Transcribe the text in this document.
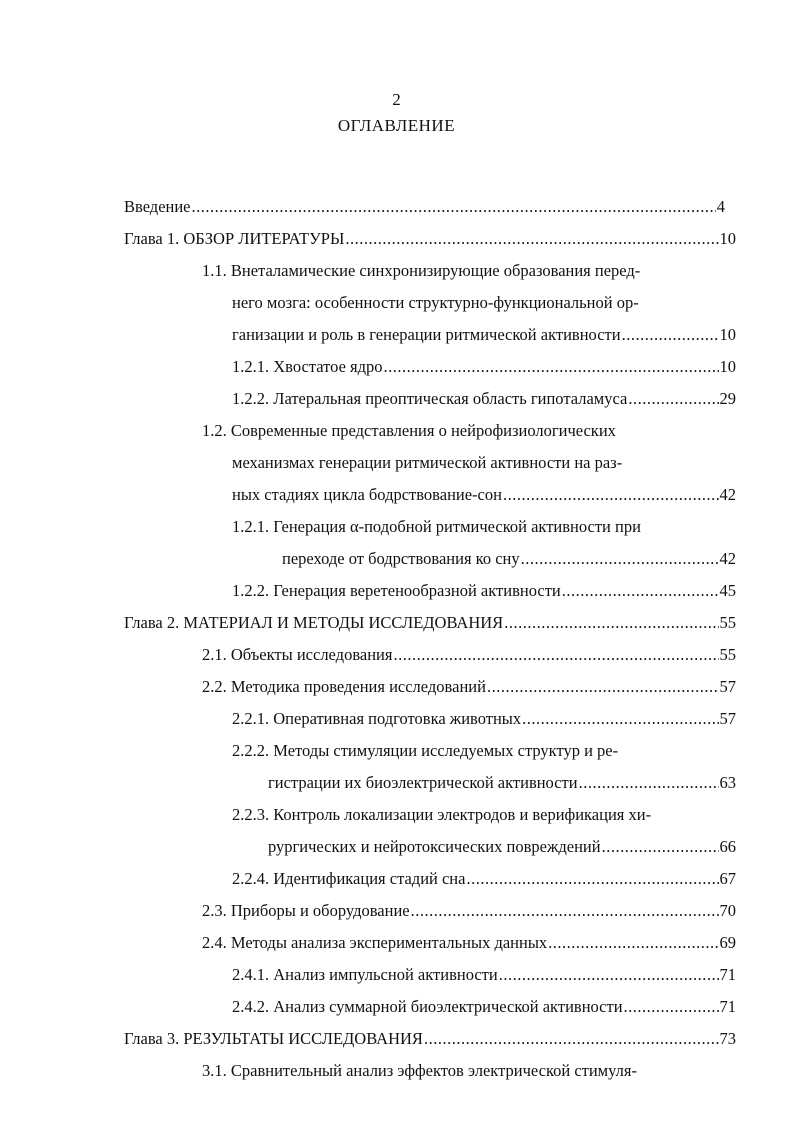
2
ОГЛАВЛЕНИЕ
Введение .....	4
Глава 1. ОБЗОР ЛИТЕРАТУРЫ .....	10
1.1. Внеталамические синхронизирующие образования перед-
него мозга: особенности структурно-функциональной ор-
ганизации и роль в генерации ритмической активности .....	10
1.2.1. Хвостатое ядро .....	10
1.2.2. Латеральная преоптическая область гипоталамуса .....	29
1.2. Современные представления о нейрофизиологических
механизмах генерации ритмической активности на раз-
ных стадиях цикла бодрствование-сон .....	42
1.2.1. Генерация α-подобной ритмической активности при
переходе от бодрствования ко сну .....	42
1.2.2. Генерация веретенообразной активности .....	45
Глава 2. МАТЕРИАЛ И МЕТОДЫ ИССЛЕДОВАНИЯ .....	55
2.1. Объекты исследования .....	55
2.2. Методика проведения исследований .....	57
2.2.1. Оперативная подготовка животных .....	57
2.2.2. Методы стимуляции исследуемых структур и ре-
гистрации их биоэлектрической активности .....	63
2.2.3. Контроль локализации электродов и верификация хи-
рургических и нейротоксических повреждений .....	66
2.2.4. Идентификация стадий сна .....	67
2.3. Приборы и оборудование .....	70
2.4. Методы анализа экспериментальных данных .....	69
2.4.1. Анализ импульсной активности .....	71
2.4.2. Анализ суммарной биоэлектрической активности .....	71
Глава 3. РЕЗУЛЬТАТЫ ИССЛЕДОВАНИЯ .....	73
3.1. Сравнительный анализ эффектов электрической стимуля-
